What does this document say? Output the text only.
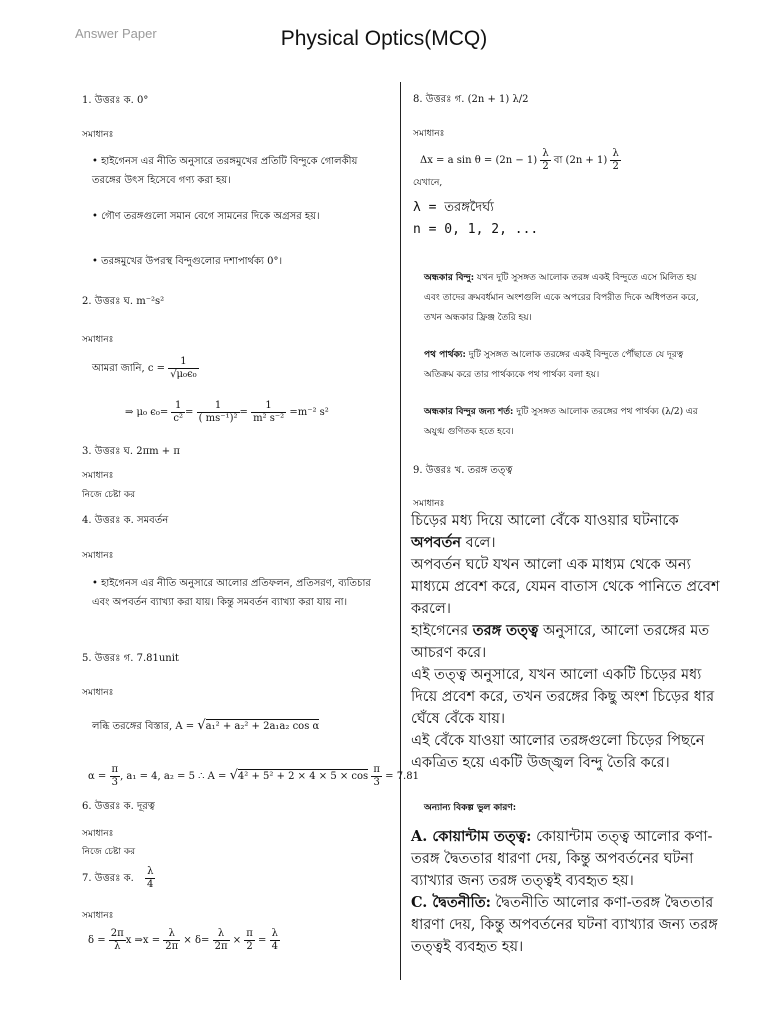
Answer Paper	Physical Optics(MCQ)
1. উত্তরঃ ক. 0°
সমাধানঃ
• হাইগেনস এর নীতি অনুসারে তরঙ্গমুখের প্রতিটি বিন্দুকে গোলকীয় তরঙ্গের উৎস হিসেবে গণ্য করা হয়।
• গৌণ তরঙ্গগুলো সমান বেগে সামনের দিকে অগ্রসর হয়।
• তরঙ্গমুখের উপরস্থ বিন্দুগুলোর দশাপার্থক্য 0°।
2. উত্তরঃ ঘ. m⁻²s²
সমাধানঃ
আমরা জানি, $c = \frac{1}{\text{√μ₀ϵ₀}}$
⇒ μ₀ $\epsilon_0= \frac{1}{\text{c²}} = \frac{1}{\text{( ms⁻¹)²}} = \frac{1}{\text{m² s⁻²}} =m^{-2}$ s²
3. উত্তরঃ ঘ. 2πm + π
সমাধানঃ
নিজে চেষ্টা কর
4. উত্তরঃ ক. সমবর্তন
সমাধানঃ
• হাইগেনস এর নীতি অনুসারে আলোর প্রতিফলন, প্রতিসরণ, ব্যতিচার এবং অপবর্তন ব্যাখ্যা করা যায়। কিন্তু সমবর্তন ব্যাখ্যা করা যায় না।
5. উত্তরঃ গ. 7.81unit
সমাধানঃ
লব্ধি তরঙ্গের বিস্তার, A = √a₁² + a₂² + 2a₁a₂ cos α
$\alpha = \frac{\pi}{3}$ , a₁ = 4, a₂ = 5 ∴ $A = √4^2 + 5^2 + 2 \times 4 \times 5 \times \cos \frac{\pi}{3} = 7.81$
6. উত্তরঃ ক. দূরত্ব
সমাধানঃ
নিজে চেষ্টা কর
7. উত্তরঃ ক. $\frac{\lambda}{4}$
সমাধানঃ
$\delta = \frac{2\pi}{\lambda}$ x ⇒x = $\frac{\lambda}{2\pi} \times \delta= \frac{\lambda}{2\pi} \times \frac{\pi}{2} = \frac{\lambda}{4}$
8. উত্তরঃ গ. (2n + 1) λ/2
সমাধানঃ
Δx = a $\sin \theta = (2n - 1) \frac{\lambda}{2}$ বা $(2n + 1) \frac{\lambda}{2}$
যেখানে,
λ = তরঙ্গদৈর্ঘ্য
n = 0, 1, 2, ...
অন্ধকার বিন্দু: যখন দুটি সুসঙ্গত আলোক তরঙ্গ একই বিন্দুতে এসে মিলিত হয় এবং তাদের ক্রমবর্ধমান অংশগুলি একে অপরের বিপরীত দিকে অধিপতন করে, তখন অন্ধকার ফ্রিঞ্জ তৈরি হয়।
পথ পার্থক্য: দুটি সুসঙ্গত আলোক তরঙ্গের একই বিন্দুতে পৌঁছাতে যে দূরত্ব অতিক্রম করে তার পার্থক্যকে পথ পার্থক্য বলা হয়।
অন্ধকার বিন্দুর জন্য শর্ত: দুটি সুসঙ্গত আলোক তরঙ্গের পথ পার্থক্য (λ/2) এর অযুগ্ম গুণিতক হতে হবে।
9. উত্তরঃ খ. তরঙ্গ তত্ত্ব
সমাধানঃ
চিড়ের মধ্য দিয়ে আলো বেঁকে যাওয়ার ঘটনাকে অপবর্তন বলে।
অপবর্তন ঘটে যখন আলো এক মাধ্যম থেকে অন্য মাধ্যমে প্রবেশ করে, যেমন বাতাস থেকে পানিতে প্রবেশ করলে।
হাইগেনের তরঙ্গ তত্ত্ব অনুসারে, আলো তরঙ্গের মত আচরণ করে।
এই তত্ত্ব অনুসারে, যখন আলো একটি চিড়ের মধ্য দিয়ে প্রবেশ করে, তখন তরঙ্গের কিছু অংশ চিড়ের ধার ঘেঁষে বেঁকে যায়।
এই বেঁকে যাওয়া আলোর তরঙ্গগুলো চিড়ের পিছনে একত্রিত হয়ে একটি উজ্জ্বল বিন্দু তৈরি করে।
অন্যান্য বিকল্প ভুল কারণ:
A. কোয়ান্টাম তত্ত্ব: কোয়ান্টাম তত্ত্ব আলোর কণা-তরঙ্গ দ্বৈততার ধারণা দেয়, কিন্তু অপবর্তনের ঘটনা ব্যাখ্যার জন্য তরঙ্গ তত্ত্বই ব্যবহৃত হয়।
C. দ্বৈতনীতি: দ্বৈতনীতি আলোর কণা-তরঙ্গ দ্বৈততার ধারণা দেয়, কিন্তু অপবর্তনের ঘটনা ব্যাখ্যার জন্য তরঙ্গ তত্ত্বই ব্যবহৃত হয়।
